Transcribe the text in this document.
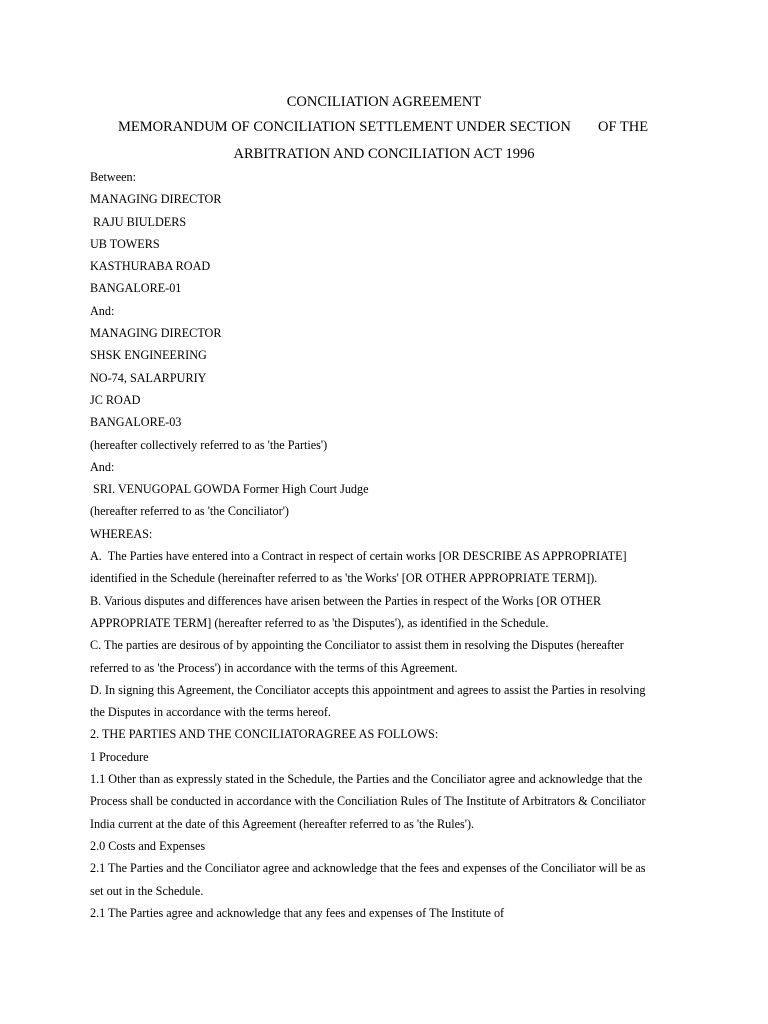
CONCILIATION AGREEMENT
MEMORANDUM OF CONCILIATION SETTLEMENT UNDER SECTION OF THE
ARBITRATION AND CONCILIATION ACT 1996
Between:
MANAGING DIRECTOR
RAJU BIULDERS
UB TOWERS
KASTHURABA ROAD
BANGALORE-01
And:
MANAGING DIRECTOR
SHSK ENGINEERING
NO-74, SALARPURIY
JC ROAD
BANGALORE-03
(hereafter collectively referred to as 'the Parties')
And:
SRI. VENUGOPAL GOWDA Former High Court Judge
(hereafter referred to as 'the Conciliator')
WHEREAS:
A.  The Parties have entered into a Contract in respect of certain works [OR DESCRIBE AS APPROPRIATE]
identified in the Schedule (hereinafter referred to as 'the Works' [OR OTHER APPROPRIATE TERM]).
B. Various disputes and differences have arisen between the Parties in respect of the Works [OR OTHER
APPROPRIATE TERM] (hereafter referred to as 'the Disputes'), as identified in the Schedule.
C. The parties are desirous of by appointing the Conciliator to assist them in resolving the Disputes (hereafter
referred to as 'the Process') in accordance with the terms of this Agreement.
D. In signing this Agreement, the Conciliator accepts this appointment and agrees to assist the Parties in resolving
the Disputes in accordance with the terms hereof.
2. THE PARTIES AND THE CONCILIATORAGREE AS FOLLOWS:
1 Procedure
1.1 Other than as expressly stated in the Schedule, the Parties and the Conciliator agree and acknowledge that the
Process shall be conducted in accordance with the Conciliation Rules of The Institute of Arbitrators & Conciliator
India current at the date of this Agreement (hereafter referred to as 'the Rules').
2.0 Costs and Expenses
2.1 The Parties and the Conciliator agree and acknowledge that the fees and expenses of the Conciliator will be as
set out in the Schedule.
2.1 The Parties agree and acknowledge that any fees and expenses of The Institute of
